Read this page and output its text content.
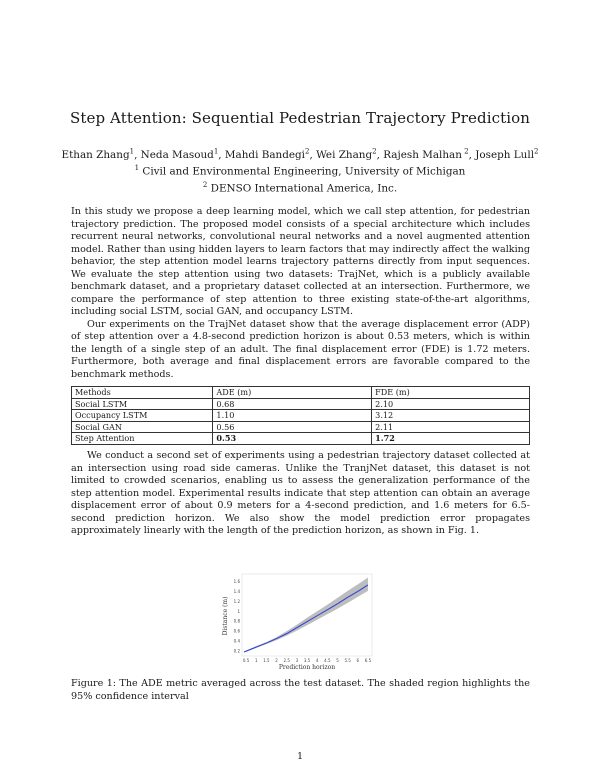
Step Attention: Sequential Pedestrian Trajectory Prediction
Ethan Zhang$^1$, Neda Masoud$^1$, Mahdi Bandegi$^2$, Wei Zhang$^2$, Rajesh Malhan $^2$, Joseph Lull$^2$
$^1$ Civil and Environmental Engineering, University of Michigan
$^2$ DENSO International America, Inc.

In this study we propose a deep learning model, which we call step attention, for pedestrian trajectory prediction. The proposed model consists of a special architecture which includes recurrent neural networks, convolutional neural networks and a novel augmented attention model. Rather than using hidden layers to learn factors that may indirectly affect the walking behavior, the step attention model learns trajectory patterns directly from input sequences. We evaluate the step attention using two datasets: TrajNet, which is a publicly available benchmark dataset, and a proprietary dataset collected at an intersection. Furthermore, we compare the performance of step attention to three existing state-of-the-art algorithms, including social LSTM, social GAN, and occupancy LSTM.

Our experiments on the TrajNet dataset show that the average displacement error (ADP) of step attention over a 4.8-second prediction horizon is about 0.53 meters, which is within the length of a single step of an adult. The final displacement error (FDE) is 1.72 meters. Furthermore, both average and final displacement errors are favorable compared to the benchmark methods.

Methods	ADE (m)	FDE (m)
Social LSTM	0.68	2.10
Occupancy LSTM	1.10	3.12
Social GAN	0.56	2.11
Step Attention	0.53	1.72

We conduct a second set of experiments using a pedestrian trajectory dataset collected at an intersection using road side cameras. Unlike the TranjNet dataset, this dataset is not limited to crowded scenarios, enabling us to assess the generalization performance of the step attention model. Experimental results indicate that step attention can obtain an average displacement error of about 0.9 meters for a 4-second prediction, and 1.6 meters for 6.5-second prediction horizon. We also show the model prediction error propagates approximately linearly with the length of the prediction horizon, as shown in Fig. 1.

0.2
0.4
0.6
0.8
1
1.2
1.4
1.6
0.5 1 1.5 2 2.5 3 3.5 4 4.5 5 5.5 6 6.5
Distance (m)
Prediction horizon
Figure 1: The ADE metric averaged across the test dataset. The shaded region highlights the 95% confidence interval
1
